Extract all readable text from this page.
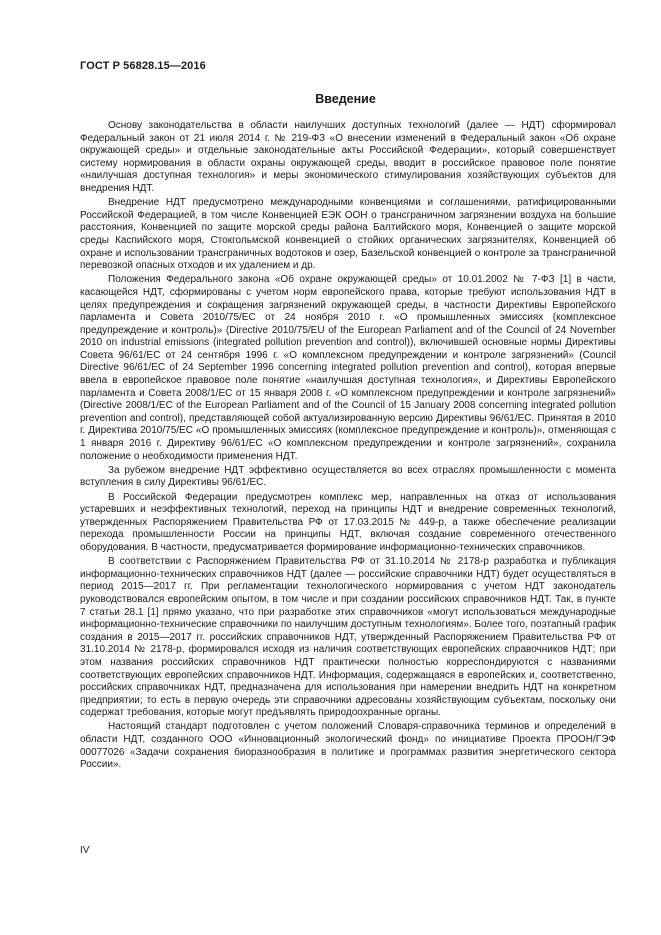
ГОСТ Р 56828.15—2016
Введение

Основу законодательства в области наилучших доступных технологий (далее — НДТ) сформировал Федеральный закон от 21 июля 2014 г. № 219-ФЗ «О внесении изменений в Федеральный закон «Об охране окружающей среды» и отдельные законодательные акты Российской Федерации», который совершенствует систему нормирования в области охраны окружающей среды, вводит в российское правовое поле понятие «наилучшая доступная технология» и меры экономического стимулирования хозяйствующих субъектов для внедрения НДТ.

Внедрение НДТ предусмотрено международными конвенциями и соглашениями, ратифицированными Российской Федерацией, в том числе Конвенцией ЕЭК ООН о трансграничном загрязнении воздуха на большие расстояния, Конвенцией по защите морской среды района Балтийского моря, Конвенцией о защите морской среды Каспийского моря, Стокгольмской конвенцией о стойких органических загрязнителях, Конвенцией об охране и использовании трансграничных водотоков и озер, Базельской конвенцией о контроле за трансграничной перевозкой опасных отходов и их удалением и др.

Положения Федерального закона «Об охране окружающей среды» от 10.01.2002 № 7-ФЗ [1] в части, касающейся НДТ, сформированы с учетом норм европейского права, которые требуют использования НДТ в целях предупреждения и сокращения загрязнений окружающей среды, в частности Директивы Европейского парламента и Совета 2010/75/ЕС от 24 ноября 2010 г. «О промышленных эмиссиях (комплексное предупреждение и контроль)» (Directive 2010/75/EU of the European Parliament and of the Council of 24 November 2010 on industrial emissions (integrated pollution prevention and control)), включившей основные нормы Директивы Совета 96/61/ЕС от 24 сентября 1996 г. «О комплексном предупреждении и контроле загрязнений» (Council Directive 96/61/EC of 24 September 1996 concerning integrated pollution prevention and control), которая впервые ввела в европейское правовое поле понятие «наилучшая доступная технология», и Директивы Европейского парламента и Совета 2008/1/ЕС от 15 января 2008 г. «О комплексном предупреждении и контроле загрязнений» (Directive 2008/1/EC of the European Parliament and of the Council of 15 January 2008 concerning integrated pollution prevention and control), представляющей собой актуализированную версию Директивы 96/61/ЕС. Принятая в 2010 г. Директива 2010/75/ЕС «О промышленных эмиссиях (комплексное предупреждение и контроль)», отменяющая с 1 января 2016 г. Директиву 96/61/ЕС «О комплексном предупреждении и контроле загрязнений», сохранила положение о необходимости применения НДТ.

За рубежом внедрение НДТ эффективно осуществляется во всех отраслях промышленности с момента вступления в силу Директивы 96/61/ЕС.

В Российской Федерации предусмотрен комплекс мер, направленных на отказ от использования устаревших и неэффективных технологий, переход на принципы НДТ и внедрение современных технологий, утвержденных Распоряжением Правительства РФ от 17.03.2015 № 449-р, а также обеспечение реализации перехода промышленности России на принципы НДТ, включая создание современного отечественного оборудования. В частности, предусматривается формирование информационно-технических справочников.

В соответствии с Распоряжением Правительства РФ от 31.10.2014 № 2178-р разработка и публикация информационно-технических справочников НДТ (далее — российские справочники НДТ) будет осуществляться в период 2015—2017 гг. При регламентации технологического нормирования с учетом НДТ законодатель руководствовался европейским опытом, в том числе и при создании российских справочников НДТ. Так, в пункте 7 статьи 28.1 [1] прямо указано, что при разработке этих справочников «могут использоваться международные информационно-технические справочники по наилучшим доступным технологиям». Более того, поэтапный график создания в 2015—2017 гг. российских справочников НДТ, утвержденный Распоряжением Правительства РФ от 31.10.2014 № 2178-р, формировался исходя из наличия соответствующих европейских справочников НДТ; при этом названия российских справочников НДТ практически полностью корреспондируются с названиями соответствующих европейских справочников НДТ. Информация, содержащаяся в европейских и, соответственно, российских справочниках НДТ, предназначена для использования при намерении внедрить НДТ на конкретном предприятии; то есть в первую очередь эти справочники адресованы хозяйствующим субъектам, поскольку они содержат требования, которые могут предъявлять природоохранные органы.

Настоящий стандарт подготовлен с учетом положений Словаря-справочника терминов и определений в области НДТ, созданного ООО «Инновационный экологический фонд» по инициативе Проекта ПРООН/ГЭФ 00077026 «Задачи сохранения биоразнообразия в политике и программах развития энергетического сектора России».

IV
